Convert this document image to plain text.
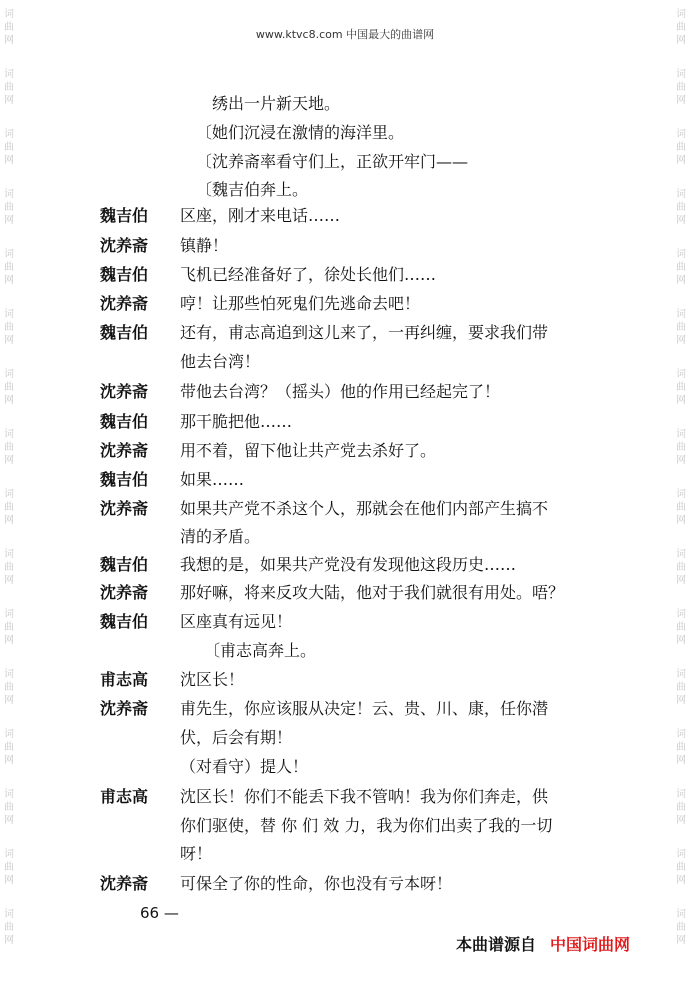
www.ktvc8.com 中国最大的曲谱网
词
曲
网
词
曲
网
词
曲
网
词
曲
网
词
曲
网
词
曲
网
词
曲
网
词
曲
网
词
曲
网
词
曲
网
词
曲
网
词
曲
网
词
曲
网
词
曲
网
词
曲
网
词
曲
网
词
曲
网
词
曲
网
词
曲
网
词
曲
网
词
曲
网
词
曲
网
词
曲
网
词
曲
网
词
曲
网
词
曲
网
词
曲
网
词
曲
网
词
曲
网
词
曲
网
词
曲
网
词
曲
网
绣出一片新天地。
〔她们沉浸在激情的海洋里。
〔沈养斋率看守们上，正欲开牢门——
〔魏吉伯奔上。
魏吉伯	区座，刚才来电话……
沈养斋	镇静！
魏吉伯	飞机已经准备好了，徐处长他们……
沈养斋	哼！让那些怕死鬼们先逃命去吧！
魏吉伯	还有，甫志高追到这儿来了，一再纠缠，要求我们带
他去台湾！
沈养斋	带他去台湾？（摇头）他的作用已经起完了！
魏吉伯	那干脆把他……
沈养斋	用不着，留下他让共产党去杀好了。
魏吉伯	如果……
沈养斋	如果共产党不杀这个人，那就会在他们内部产生搞不
清的矛盾。
魏吉伯	我想的是，如果共产党没有发现他这段历史……
沈养斋	那好嘛，将来反攻大陆，他对于我们就很有用处。唔？
魏吉伯	区座真有远见！
〔甫志高奔上。
甫志高	沈区长！
沈养斋	甫先生，你应该服从决定！云、贵、川、康，任你潜
伏，后会有期！
（对看守）提人！
甫志高	沈区长！你们不能丢下我不管呐！我为你们奔走，供
你们驱使，替 你 们 效 力，我为你们出卖了我的一切
呀！
沈养斋	可保全了你的性命，你也没有亏本呀！
66 —
本曲谱源自 中国词曲网
